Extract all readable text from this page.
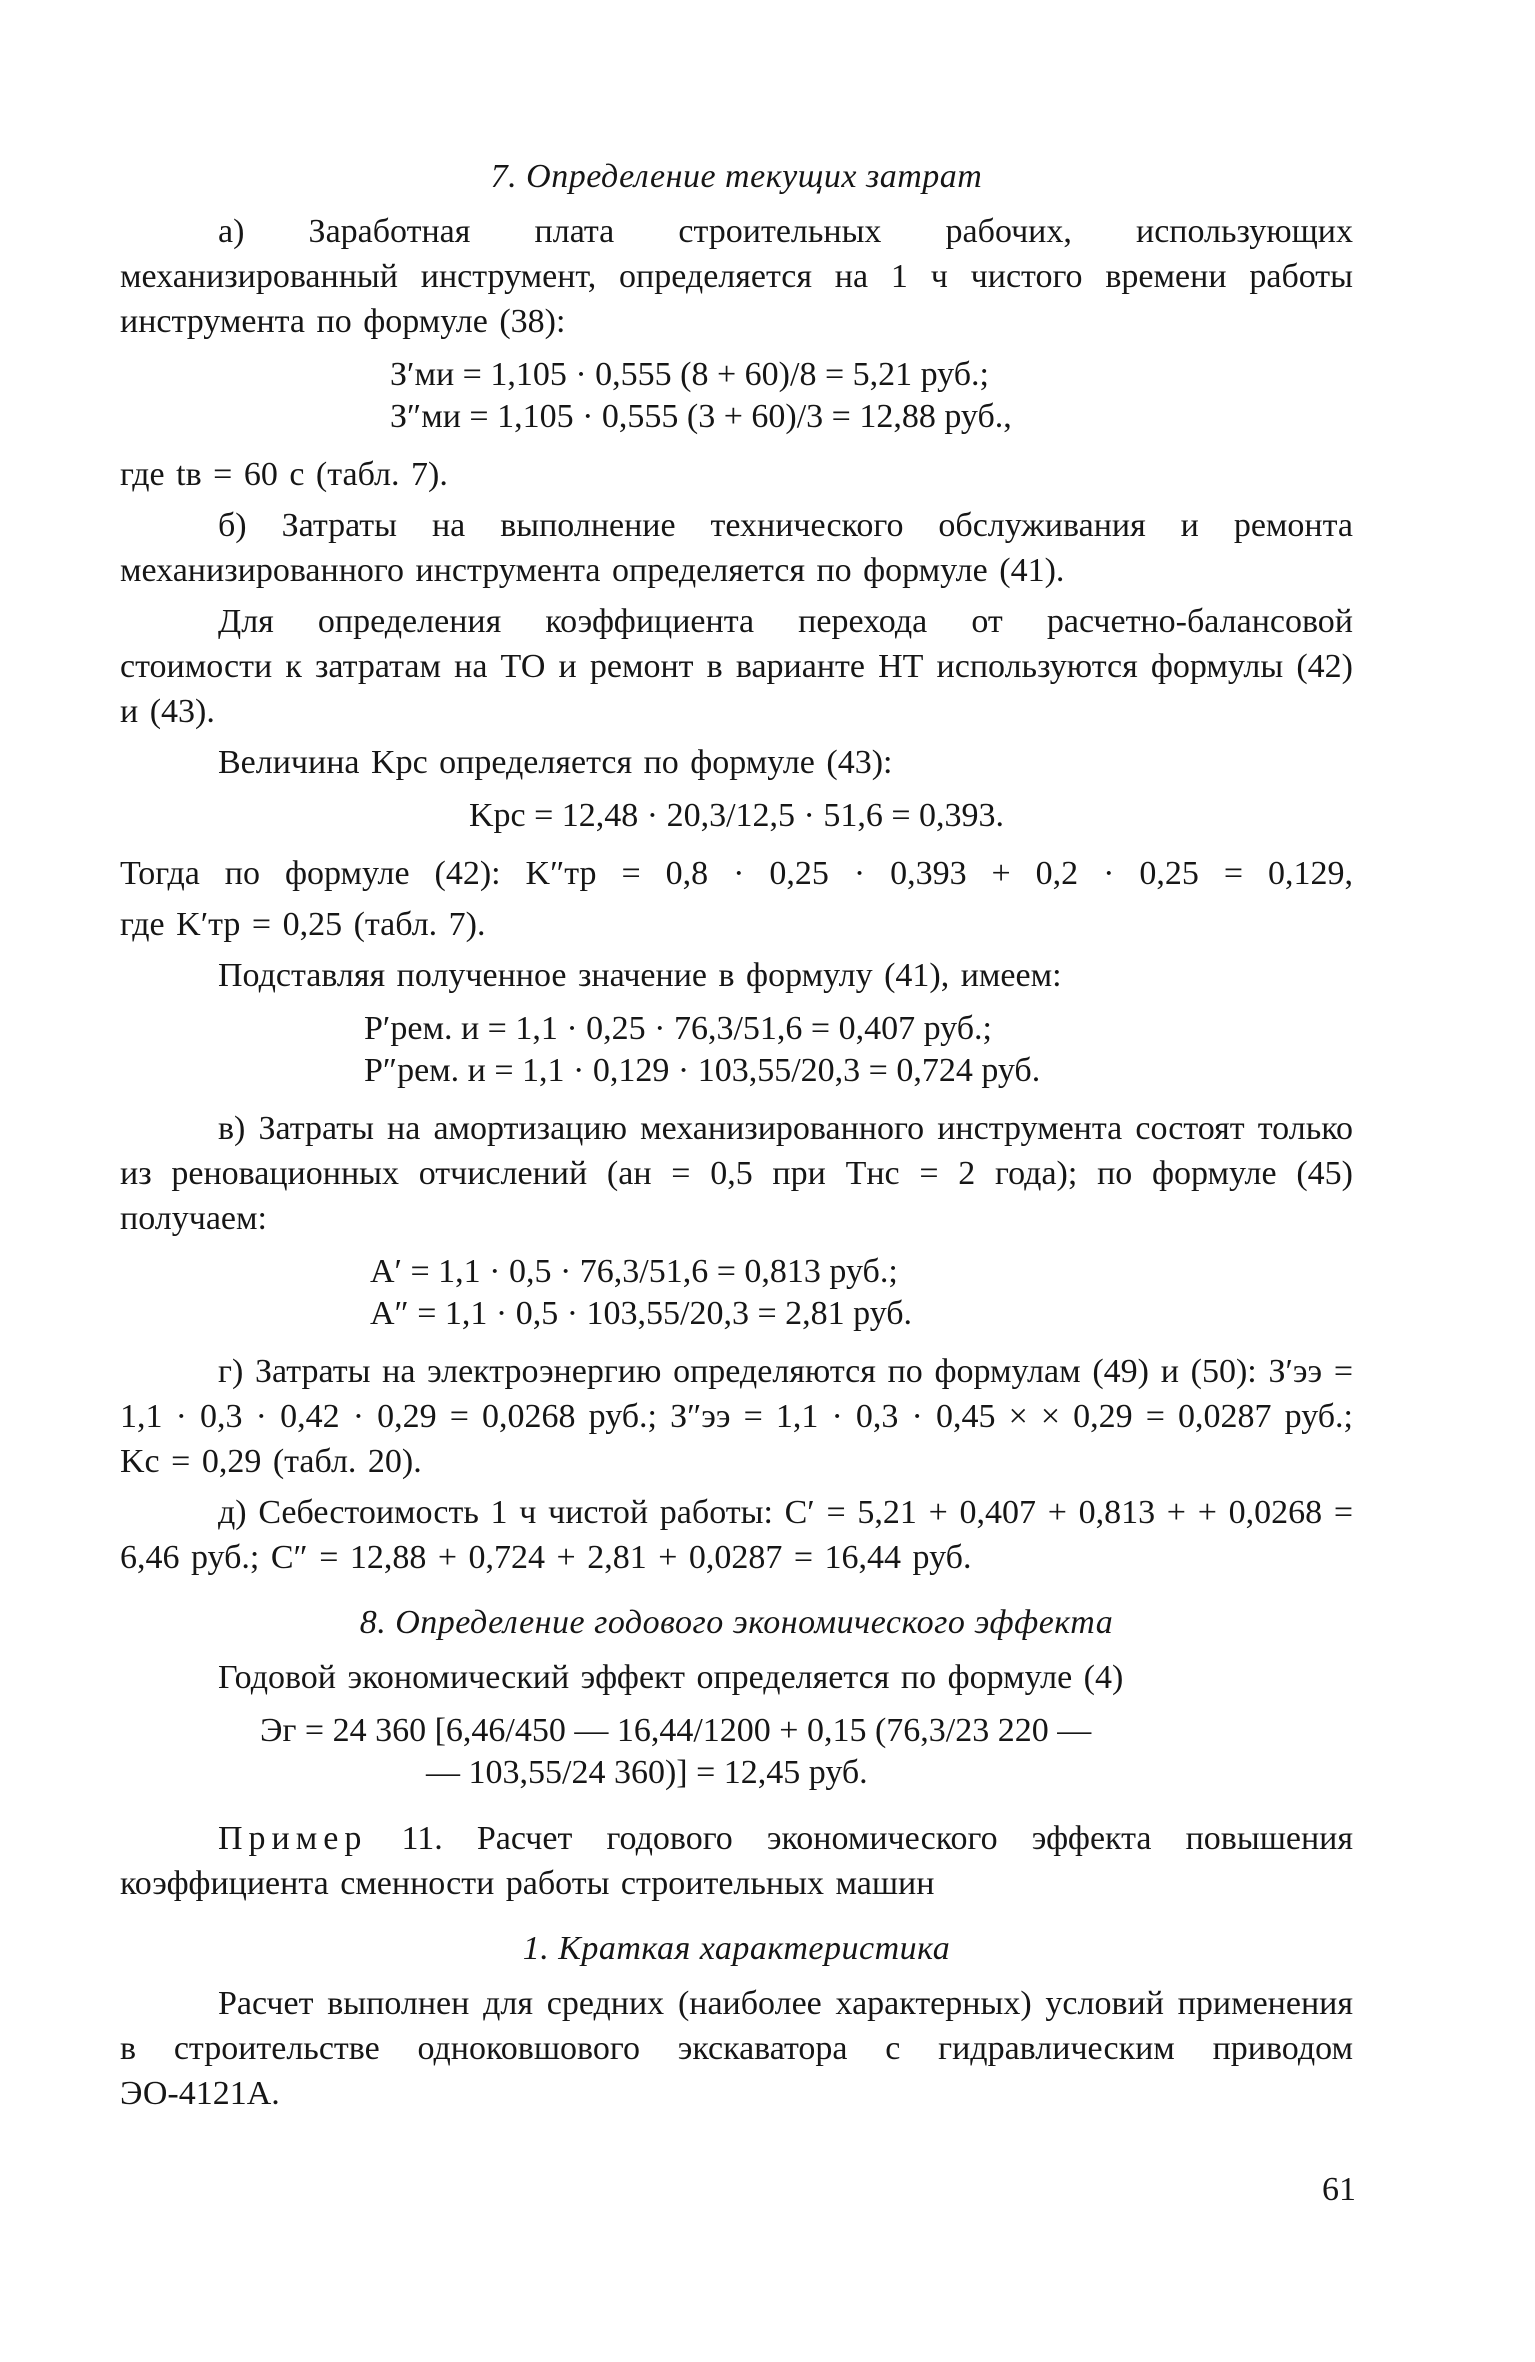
7. Определение текущих затрат

а) Заработная плата строительных рабочих, использующих механизированный инструмент, определяется на 1 ч чистого времени работы инструмента по формуле (38):

З′ми = 1,105 · 0,555 (8 + 60)/8 = 5,21 руб.;
З″ми = 1,105 · 0,555 (3 + 60)/3 = 12,88 руб.,

где tв = 60 с (табл. 7).

б) Затраты на выполнение технического обслуживания и ремонта механизированного инструмента определяется по формуле (41).

Для определения коэффициента перехода от расчетно-балансовой стоимости к затратам на ТО и ремонт в варианте НТ используются формулы (42) и (43).

Величина Kрс определяется по формуле (43):

Kрс = 12,48 · 20,3/12,5 · 51,6 = 0,393.

Тогда по формуле (42): K″тр = 0,8 · 0,25 · 0,393 + 0,2 · 0,25 = 0,129,

где K′тр = 0,25 (табл. 7).

Подставляя полученное значение в формулу (41), имеем:

P′рем. и = 1,1 · 0,25 · 76,3/51,6 = 0,407 руб.;
P″рем. и = 1,1 · 0,129 · 103,55/20,3 = 0,724 руб.

в) Затраты на амортизацию механизированного инструмента состоят только из реновационных отчислений (aн = 0,5 при Tнс = 2 года); по формуле (45) получаем:

A′ = 1,1 · 0,5 · 76,3/51,6 = 0,813 руб.;
A″ = 1,1 · 0,5 · 103,55/20,3 = 2,81 руб.

г) Затраты на электроэнергию определяются по формулам (49) и (50): З′ээ = 1,1 · 0,3 · 0,42 · 0,29 = 0,0268 руб.; З″ээ = 1,1 · 0,3 · 0,45 × × 0,29 = 0,0287 руб.; Kс = 0,29 (табл. 20).

д) Себестоимость 1 ч чистой работы: C′ = 5,21 + 0,407 + 0,813 + + 0,0268 = 6,46 руб.; C″ = 12,88 + 0,724 + 2,81 + 0,0287 = 16,44 руб.

8. Определение годового экономического эффекта

Годовой экономический эффект определяется по формуле (4)

Эг = 24 360 [6,46/450 — 16,44/1200 + 0,15 (76,3/23 220 —
— 103,55/24 360)] = 12,45 руб.

Пример 11. Расчет годового экономического эффекта повышения коэффициента сменности работы строительных машин

1. Краткая характеристика

Расчет выполнен для средних (наиболее характерных) условий применения в строительстве одноковшового экскаватора с гидравлическим приводом ЭО-4121А.

61
